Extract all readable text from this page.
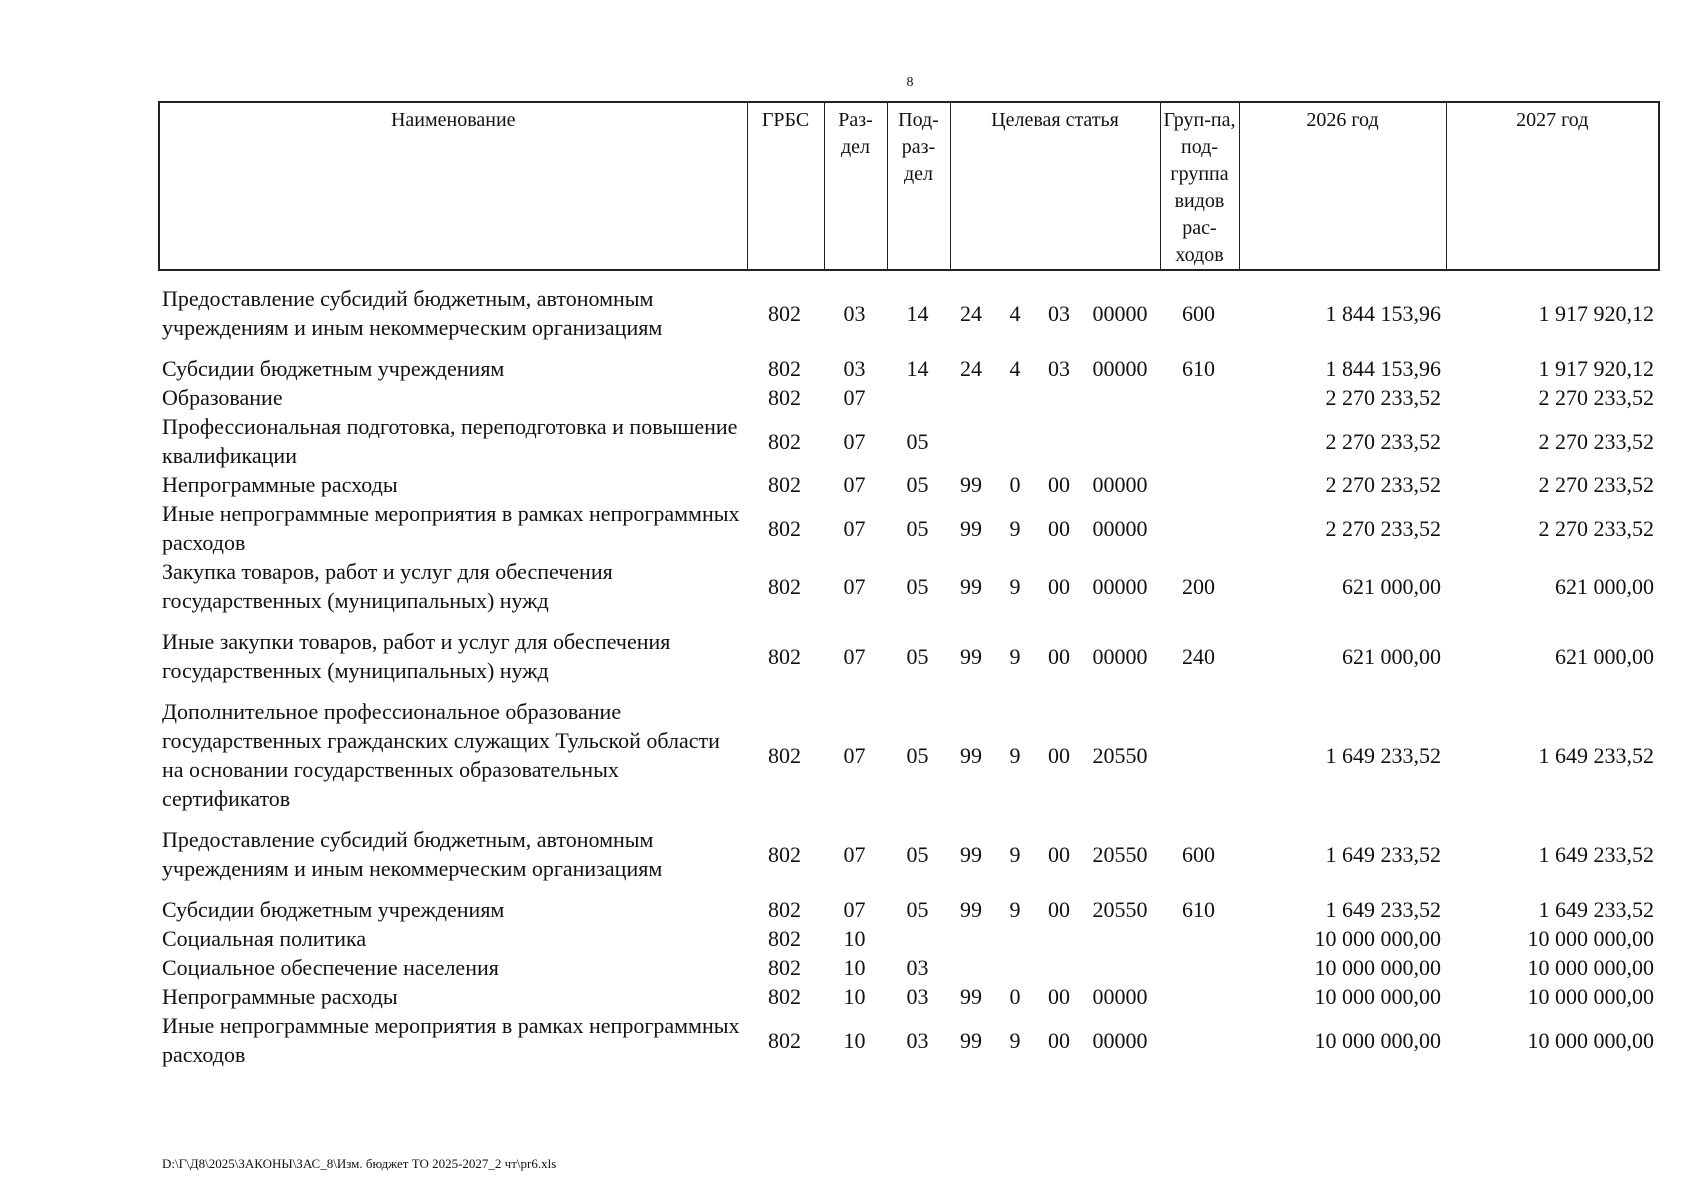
8
Наименование	ГРБС	Раз-дел	Под-раз-дел	Целевая статья	Груп-па, под-группа видов рас-ходов	2026 год	2027 год
Предоставление субсидий бюджетным, автономным учреждениям и иным некоммерческим организациям	802	03	14	24	4	03	00000	600	1 844 153,96	1 917 920,12

Субсидии бюджетным учреждениям	802	03	14	24	4	03	00000	610	1 844 153,96	1 917 920,12
Образование	802	07							2 270 233,52	2 270 233,52
Профессиональная подготовка, переподготовка и повышение квалификации	802	07	05						2 270 233,52	2 270 233,52
Непрограммные расходы	802	07	05	99	0	00	00000		2 270 233,52	2 270 233,52
Иные непрограммные мероприятия в рамках непрограммных расходов	802	07	05	99	9	00	00000		2 270 233,52	2 270 233,52
Закупка товаров, работ и услуг для обеспечения государственных (муниципальных) нужд	802	07	05	99	9	00	00000	200	621 000,00	621 000,00

Иные закупки товаров, работ и услуг для обеспечения государственных (муниципальных) нужд	802	07	05	99	9	00	00000	240	621 000,00	621 000,00

Дополнительное профессиональное образование государственных гражданских служащих Тульской области на основании государственных образовательных сертификатов	802	07	05	99	9	00	20550		1 649 233,52	1 649 233,52

Предоставление субсидий бюджетным, автономным учреждениям и иным некоммерческим организациям	802	07	05	99	9	00	20550	600	1 649 233,52	1 649 233,52

Субсидии бюджетным учреждениям	802	07	05	99	9	00	20550	610	1 649 233,52	1 649 233,52
Социальная политика	802	10							10 000 000,00	10 000 000,00
Социальное обеспечение населения	802	10	03						10 000 000,00	10 000 000,00
Непрограммные расходы	802	10	03	99	0	00	00000		10 000 000,00	10 000 000,00
Иные непрограммные мероприятия в рамках непрограммных расходов	802	10	03	99	9	00	00000		10 000 000,00	10 000 000,00
D:\Г\Д8\2025\ЗАКОНЫ\ЗАС_8\Изм. бюджет ТО 2025-2027_2 чт\pr6.xls
